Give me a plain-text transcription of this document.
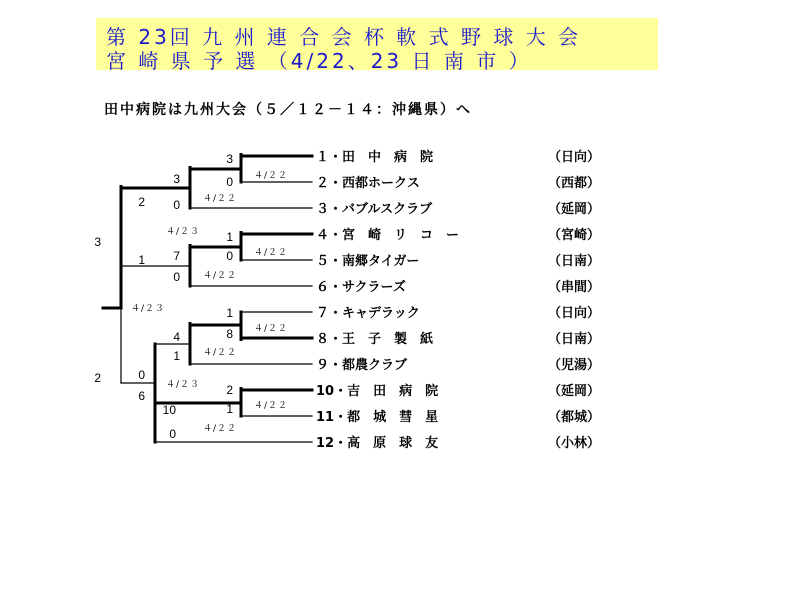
第 23回 九 州 連 合 会 杯 軟 式 野 球 大 会
宮 崎 県 予 選 （4/22、23 日 南 市 ）
田中病院は九州大会（５／１２－１４：沖縄県）へ
１・田　中　病　院	（日向）
２・西都ホークス	（西都）
３・バブルスクラブ	（延岡）
４・宮　崎　リ　コ　ー	（宮崎）
５・南郷タイガー	（日南）
６・サクラーズ	（串間）
７・キャデラック	（日向）
８・王　子　製　紙	（日南）
９・都農クラブ	（児湯）
10・吉　田　病　院	（延岡）
11・都　城　彗　星	（都城）
12・高　原　球　友	（小林）
3
0
1
0
1
8
2
1
3
0
7
0
4
1
10
0
2
1
0
6
3
2
４/２２
４/２２
４/２２
４/２２
４/２２
４/２２
４/２２
４/２２
４/２３
４/２３
４/２３
